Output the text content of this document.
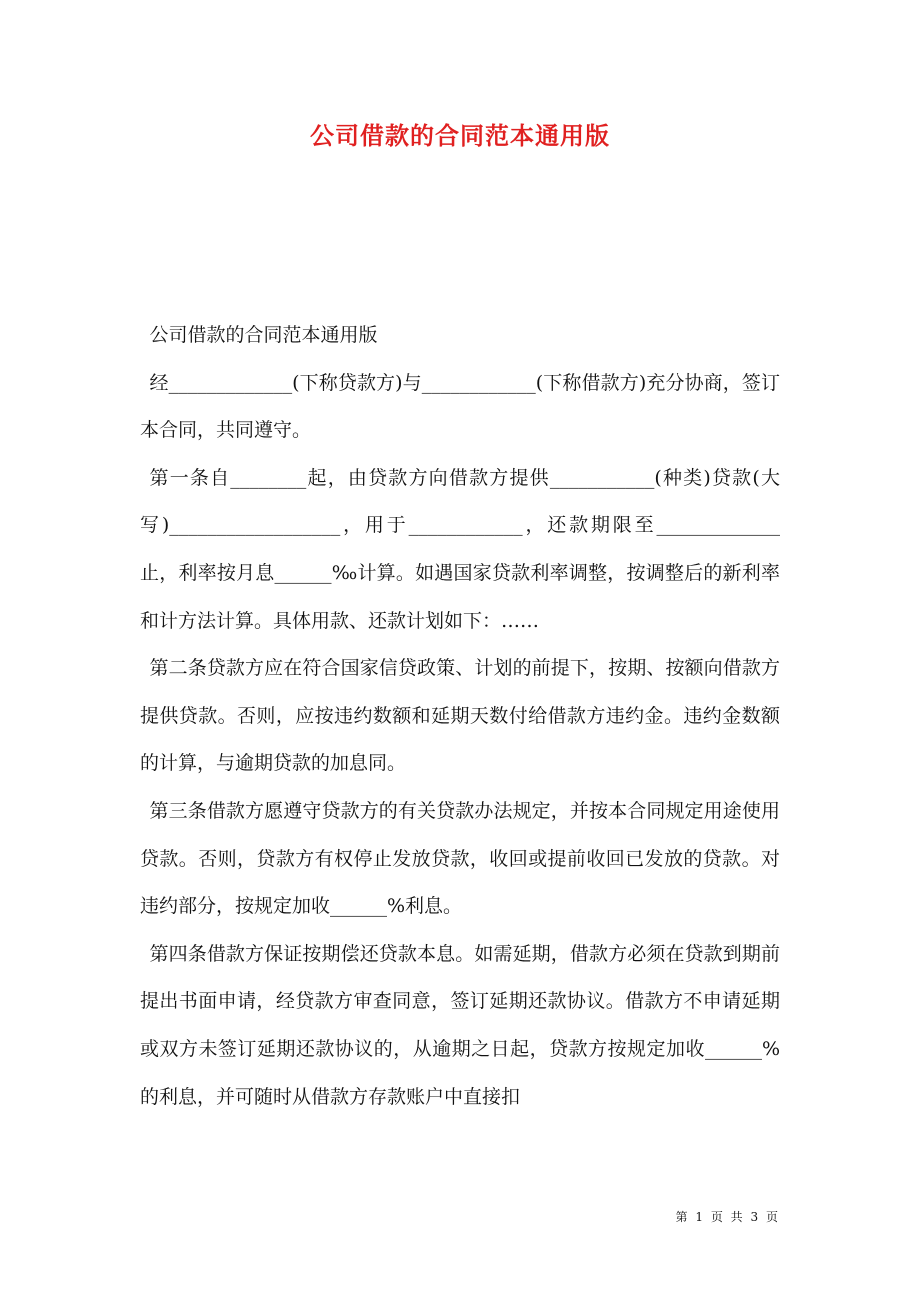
公司借款的合同范本通用版

公司借款的合同范本通用版

经_____________(下称贷款方)与____________(下称借款方)充分协商，签订本合同，共同遵守。

第一条自________起，由贷款方向借款方提供___________(种类)贷款(大写)__________________，用于____________，还款期限至_____________止，利率按月息______‰计算。如遇国家贷款利率调整，按调整后的新利率和计方法计算。具体用款、还款计划如下：……

第二条贷款方应在符合国家信贷政策、计划的前提下，按期、按额向借款方提供贷款。否则，应按违约数额和延期天数付给借款方违约金。违约金数额的计算，与逾期贷款的加息同。

第三条借款方愿遵守贷款方的有关贷款办法规定，并按本合同规定用途使用贷款。否则，贷款方有权停止发放贷款，收回或提前收回已发放的贷款。对违约部分，按规定加收______%利息。

第四条借款方保证按期偿还贷款本息。如需延期，借款方必须在贷款到期前提出书面申请，经贷款方审查同意，签订延期还款协议。借款方不申请延期或双方未签订延期还款协议的，从逾期之日起，贷款方按规定加收______%的利息，并可随时从借款方存款账户中直接扣

第 1 页 共 3 页
